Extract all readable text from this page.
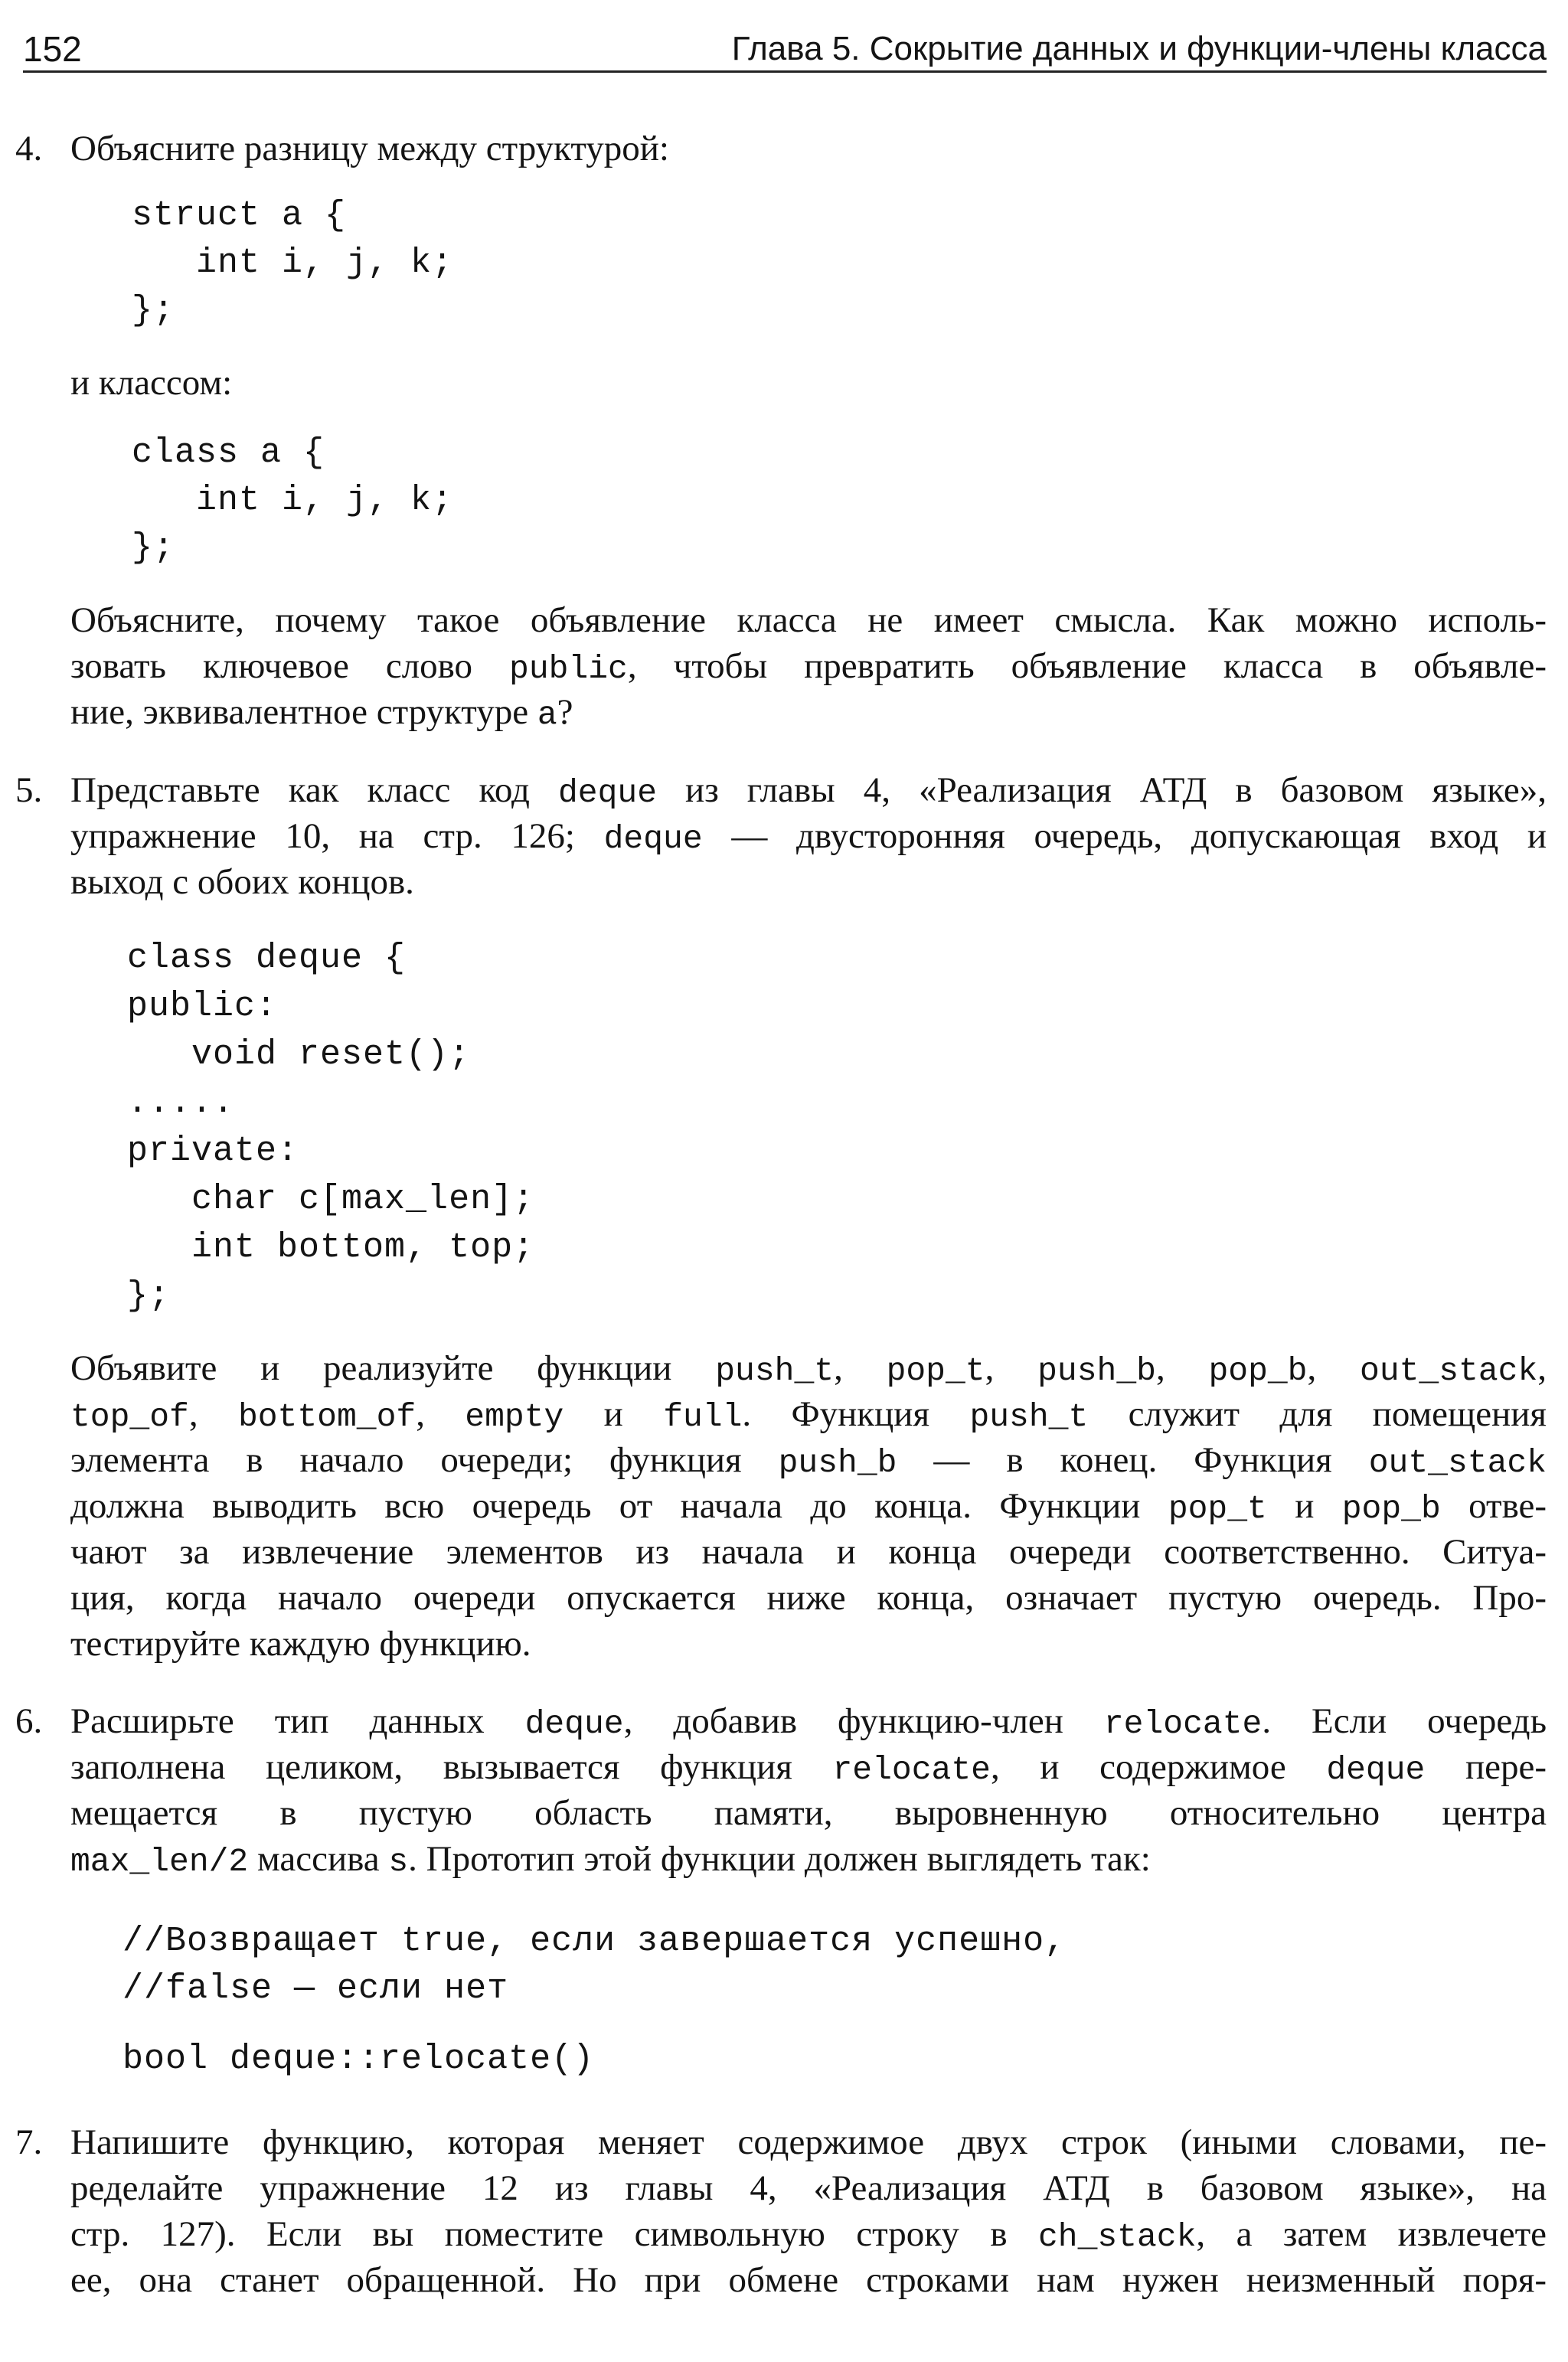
152	Глава 5. Сокрытие данных и функции-члены класса
4. Объясните разницу между структурой:
struct a {
int i, j, k;
};
и классом:
class a {
int i, j, k;
};
Объясните, почему такое объявление класса не имеет смысла. Как можно исполь-
зовать ключевое слово public, чтобы превратить объявление класса в объявле-
ние, эквивалентное структуре a?
5. Представьте как класс код deque из главы 4, «Реализация АТД в базовом языке»,
упражнение 10, на стр. 126; deque — двусторонняя очередь, допускающая вход и
выход с обоих концов.
class deque {
public:
void reset();
.....
private:
char c[max_len];
int bottom, top;
};
Объявите и реализуйте функции push_t, pop_t, push_b, pop_b, out_stack,
top_of, bottom_of, empty и full. Функция push_t служит для помещения
элемента в начало очереди; функция push_b — в конец. Функция out_stack
должна выводить всю очередь от начала до конца. Функции pop_t и pop_b отве-
чают за извлечение элементов из начала и конца очереди соответственно. Ситуа-
ция, когда начало очереди опускается ниже конца, означает пустую очередь. Про-
тестируйте каждую функцию.
6. Расширьте тип данных deque, добавив функцию-член relocate. Если очередь
заполнена целиком, вызывается функция relocate, и содержимое deque пере-
мещается в пустую область памяти, выровненную относительно центра
max_len/2 массива s. Прототип этой функции должен выглядеть так:
//Возвращает true, если завершается успешно,
//false — если нет
bool deque::relocate()
7. Напишите функцию, которая меняет содержимое двух строк (иными словами, пе-
ределайте упражнение 12 из главы 4, «Реализация АТД в базовом языке», на
стр. 127). Если вы поместите символьную строку в ch_stack, а затем извлечете
ее, она станет обращенной. Но при обмене строками нам нужен неизменный поря-
